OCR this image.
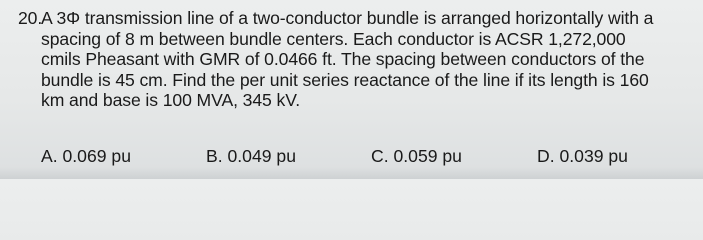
20.
A 3Φ transmission line of a two-conductor bundle is arranged horizontally with a
spacing of 8 m between bundle centers. Each conductor is ACSR 1,272,000
cmils Pheasant with GMR of 0.0466 ft. The spacing between conductors of the
bundle is 45 cm. Find the per unit series reactance of the line if its length is 160
km and base is 100 MVA, 345 kV.
A. 0.069 pu	B. 0.049 pu	C. 0.059 pu	D. 0.039 pu
